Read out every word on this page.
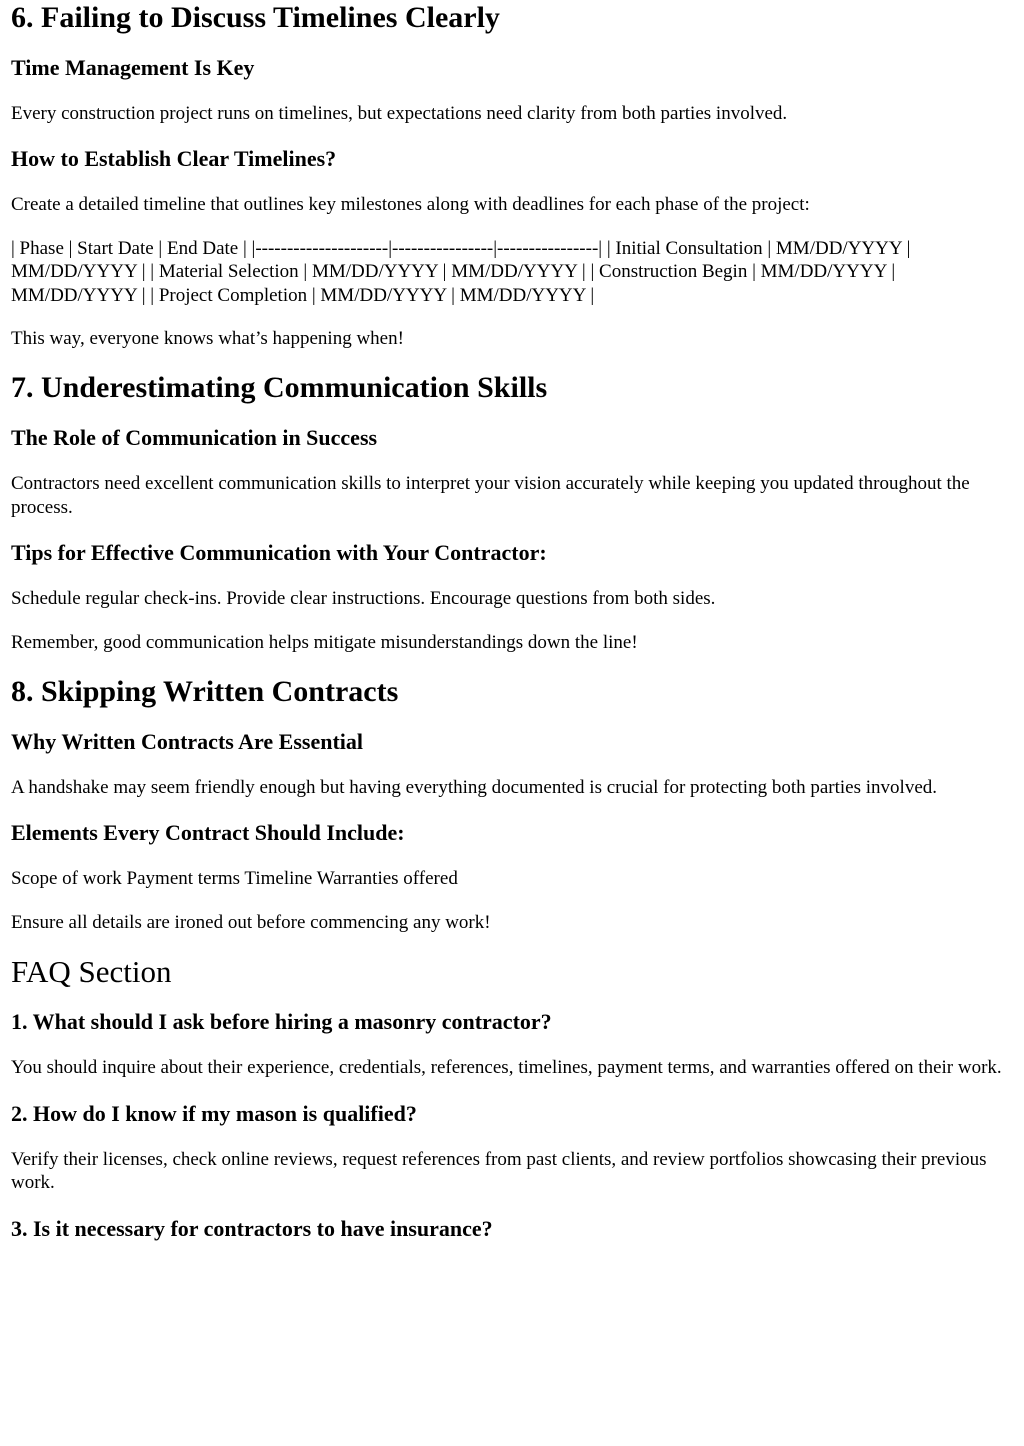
6. Failing to Discuss Timelines Clearly
Time Management Is Key

Every construction project runs on timelines, but expectations need clarity from both parties involved.

How to Establish Clear Timelines?

Create a detailed timeline that outlines key milestones along with deadlines for each phase of the project:

| Phase | Start Date | End Date | |---------------------|----------------|----------------| | Initial Consultation | MM/DD/YYYY | MM/DD/YYYY | | Material Selection | MM/DD/YYYY | MM/DD/YYYY | | Construction Begin | MM/DD/YYYY | MM/DD/YYYY | | Project Completion | MM/DD/YYYY | MM/DD/YYYY |

This way, everyone knows what’s happening when!

7. Underestimating Communication Skills
The Role of Communication in Success

Contractors need excellent communication skills to interpret your vision accurately while keeping you updated throughout the process.

Tips for Effective Communication with Your Contractor:

Schedule regular check-ins. Provide clear instructions. Encourage questions from both sides.

Remember, good communication helps mitigate misunderstandings down the line!

8. Skipping Written Contracts
Why Written Contracts Are Essential

A handshake may seem friendly enough but having everything documented is crucial for protecting both parties involved.

Elements Every Contract Should Include:

Scope of work Payment terms Timeline Warranties offered

Ensure all details are ironed out before commencing any work!

FAQ Section
1. What should I ask before hiring a masonry contractor?

You should inquire about their experience, credentials, references, timelines, payment terms, and warranties offered on their work.

2. How do I know if my mason is qualified?

Verify their licenses, check online reviews, request references from past clients, and review portfolios showcasing their previous work.

3. Is it necessary for contractors to have insurance?
